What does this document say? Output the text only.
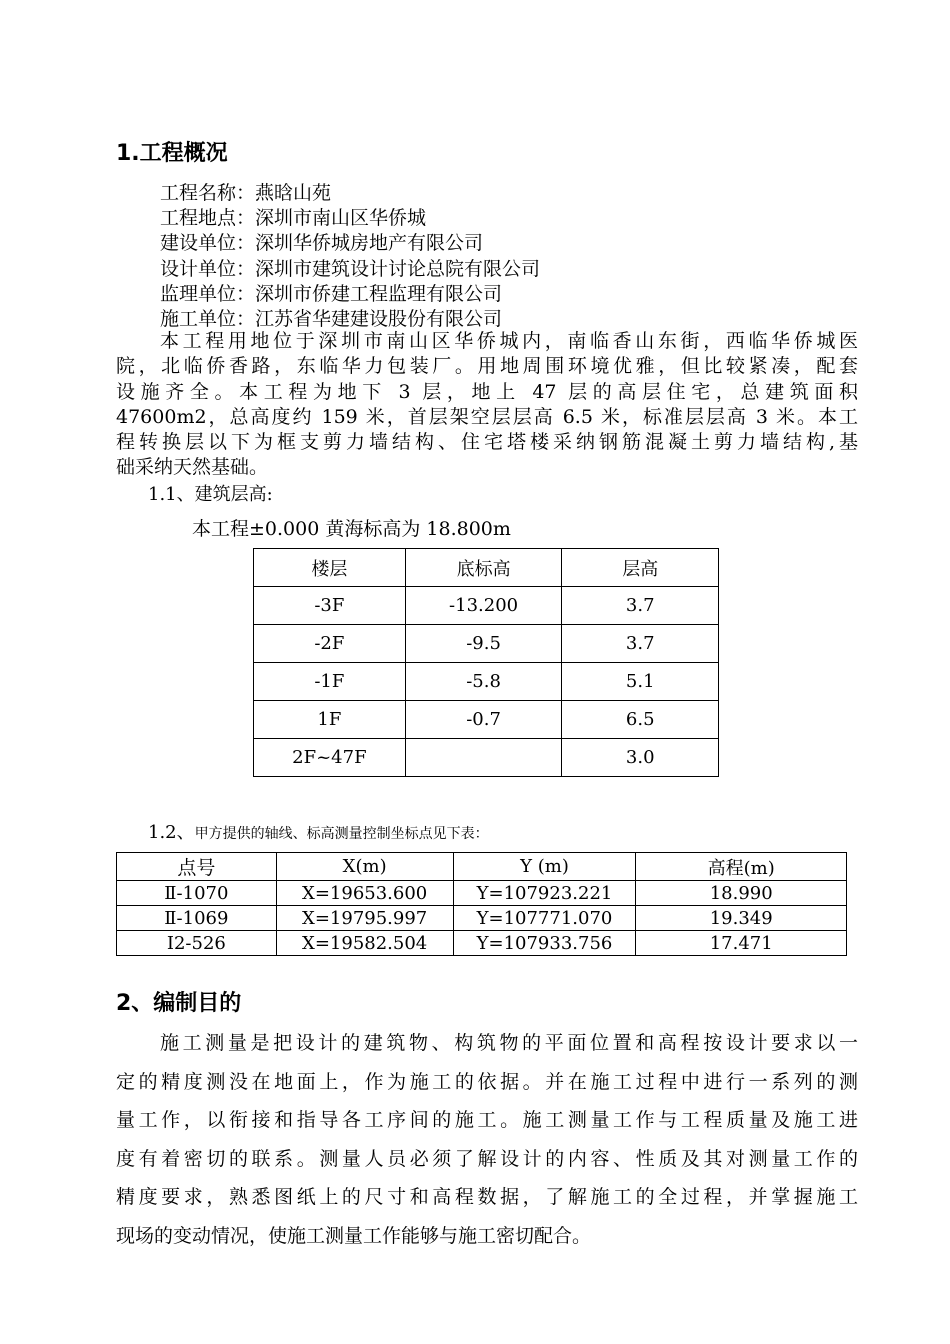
1.工程概况
工程名称：燕晗山苑
工程地点：深圳市南山区华侨城
建设单位：深圳华侨城房地产有限公司
设计单位：深圳市建筑设计讨论总院有限公司
监理单位：深圳市侨建工程监理有限公司
施工单位：江苏省华建建设股份有限公司
本工程用地位于深圳市南山区华侨城内，南临香山东街，西临华侨城医
院，北临侨香路，东临华力包装厂。用地周围环境优雅，但比较紧凑，配套
设施齐全。本工程为地下 3 层，地上 47 层的高层住宅，总建筑面积
47600m2，总高度约 159 米，首层架空层层高 6.5 米，标准层层高 3 米。本工
程转换层以下为框支剪力墙结构、住宅塔楼采纳钢筋混凝土剪力墙结构,基
础采纳天然基础。
1.1、建筑层高:
本工程±0.000 黄海标高为 18.800m
楼层	底标高	层高
-3F	-13.200	3.7
-2F	-9.5	3.7
-1F	-5.8	5.1
1F	-0.7	6.5
2F~47F		3.0
1.2、甲方提供的轴线、标高测量控制坐标点见下表：
点号	X(m)	Y (m)	高程(m)
Ⅱ-1070	X=19653.600	Y=107923.221	18.990
Ⅱ-1069	X=19795.997	Y=107771.070	19.349
Ⅰ2-526	X=19582.504	Y=107933.756	17.471
2、编制目的
施工测量是把设计的建筑物、构筑物的平面位置和高程按设计要求以一
定的精度测没在地面上，作为施工的依据。并在施工过程中进行一系列的测
量工作，以衔接和指导各工序间的施工。施工测量工作与工程质量及施工进
度有着密切的联系。测量人员必须了解设计的内容、性质及其对测量工作的
精度要求，熟悉图纸上的尺寸和高程数据，了解施工的全过程，并掌握施工
现场的变动情况，使施工测量工作能够与施工密切配合。
